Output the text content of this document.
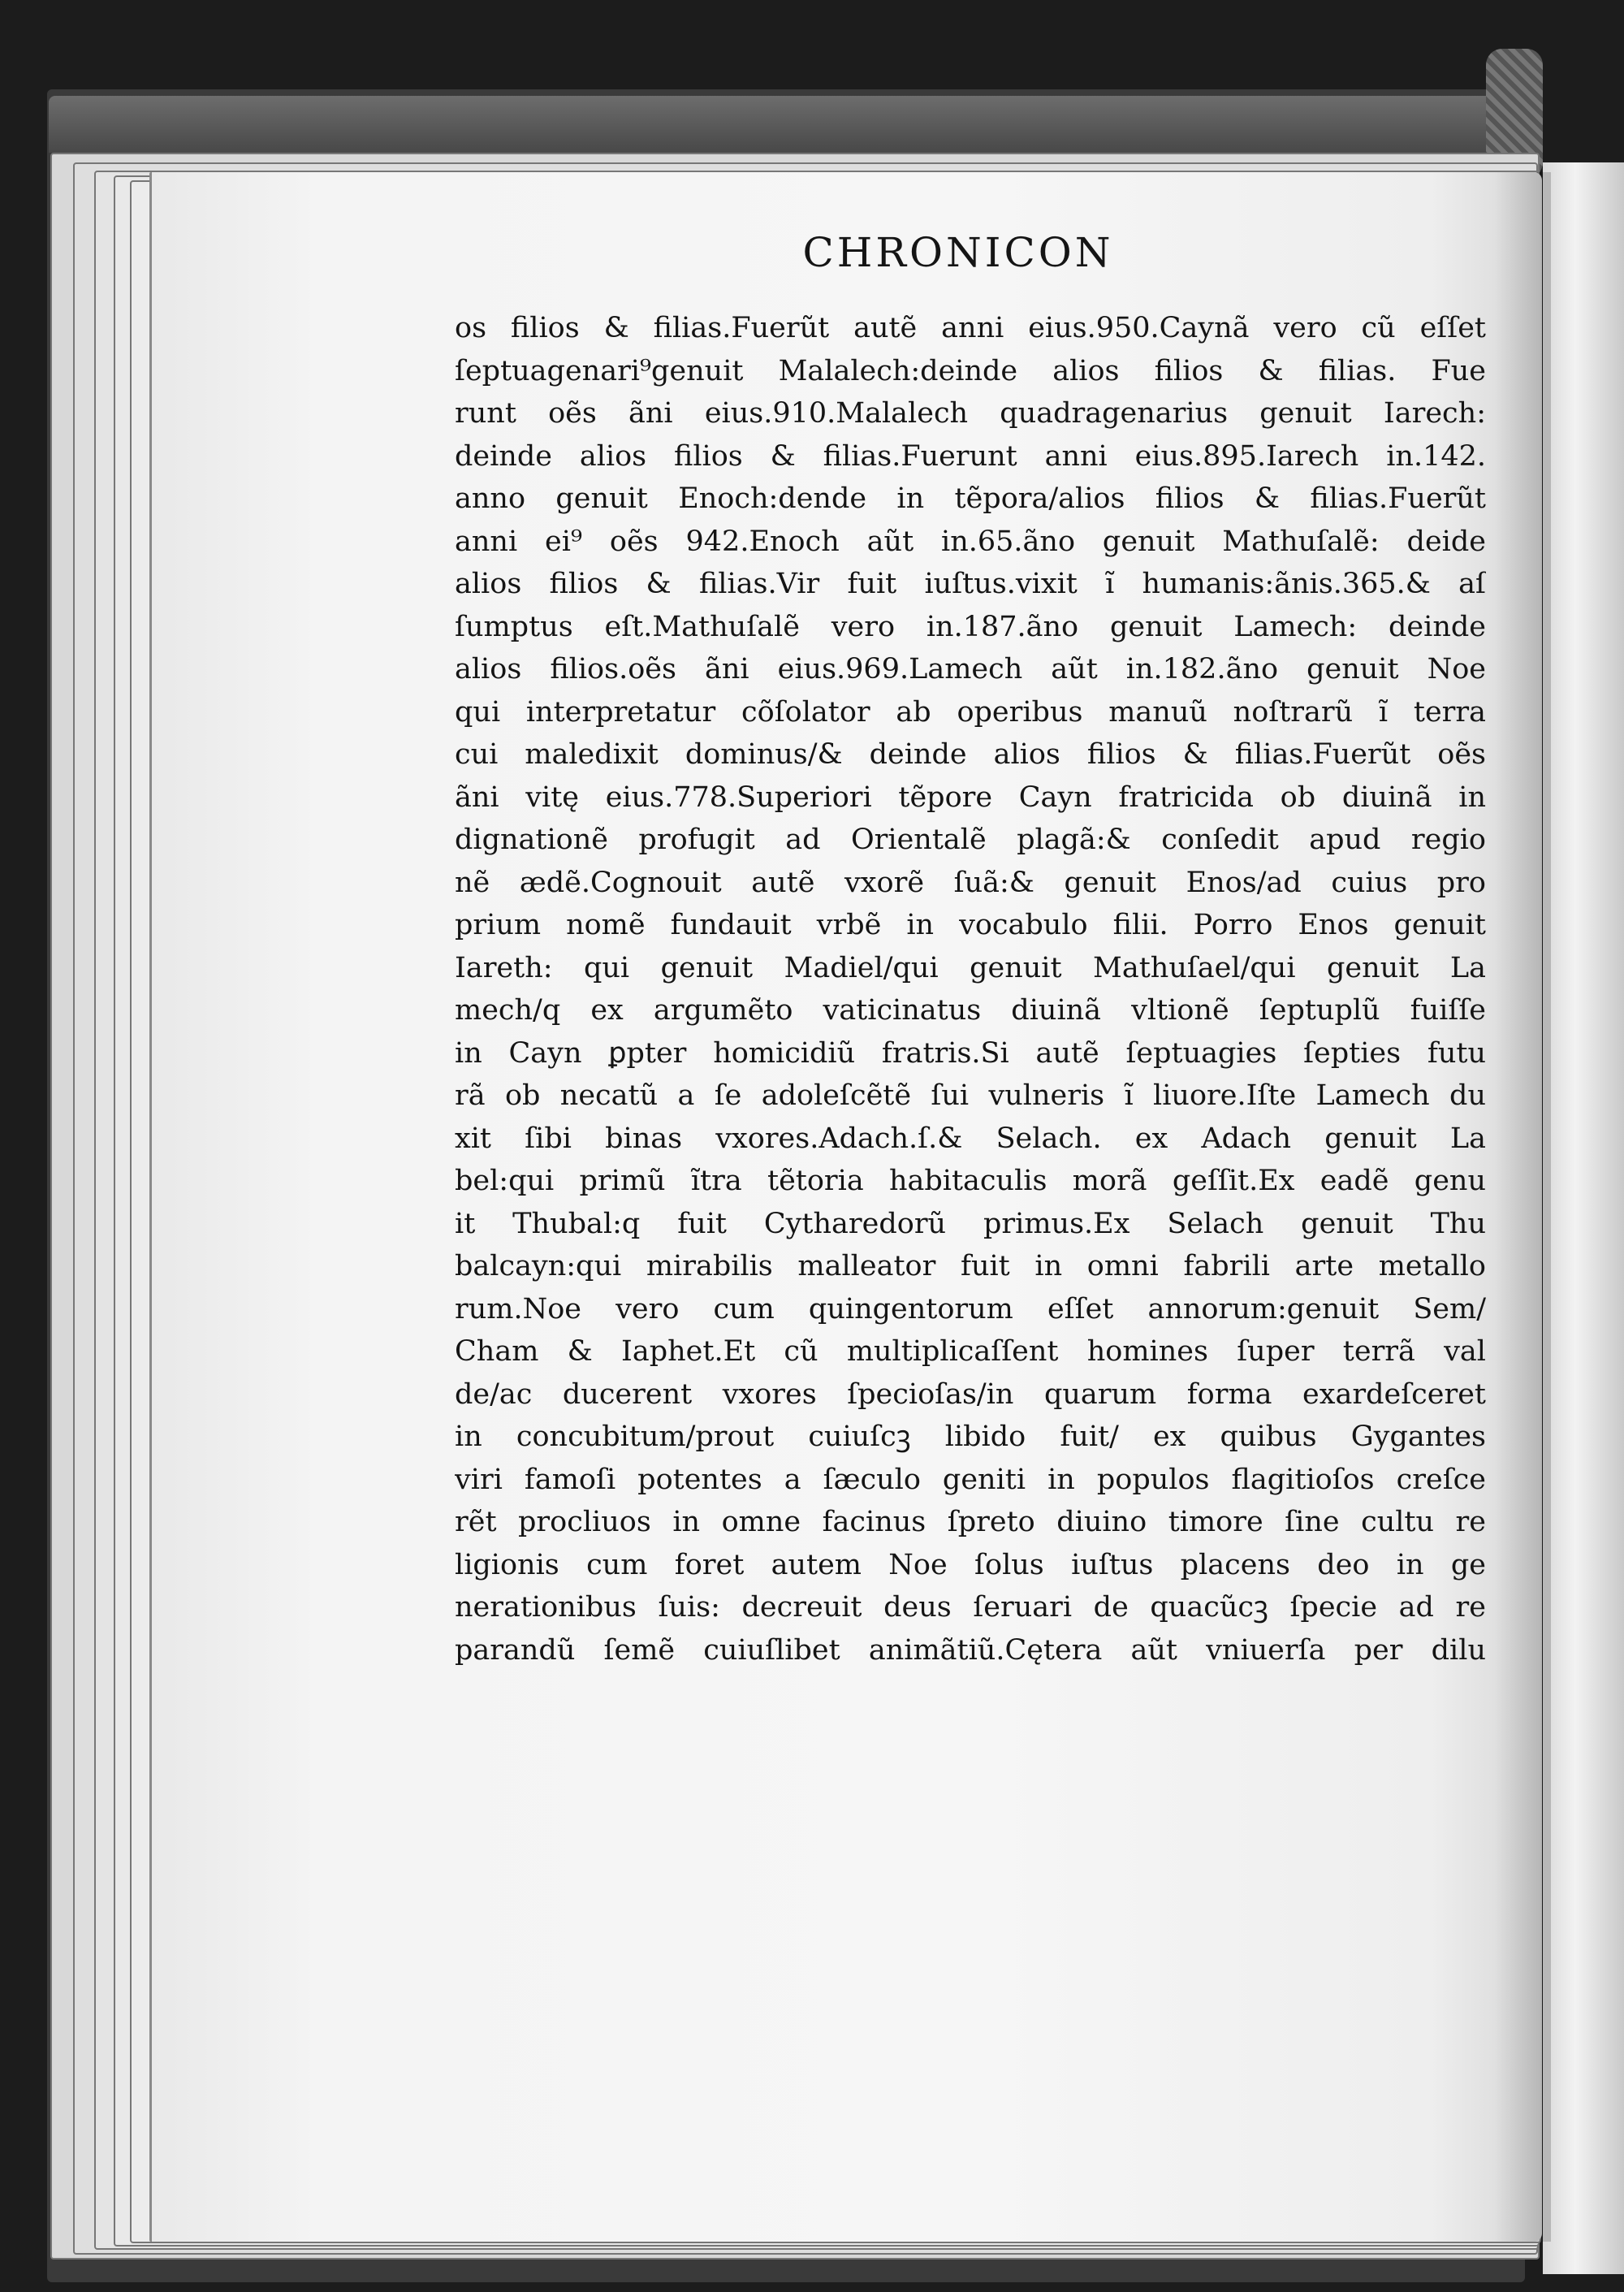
CHRONICON
os filios & filias.Fuerũt autẽ anni eius.950.Caynã vero cũ eſſet
ſeptuagenari⁹genuit Malalech:deinde alios filios & filias. Fue
runt oẽs ãni eius.910.Malalech quadragenarius genuit Iarech:
deinde alios filios & filias.Fuerunt anni eius.895.Iarech in.142.
anno genuit Enoch:dende in tẽpora/alios filios & filias.Fuerũt
anni ei⁹ oẽs 942.Enoch aũt in.65.ãno genuit Mathuſalẽ: deide
alios filios & filias.Vir fuit iuſtus.vixit ĩ humanis:ãnis.365.& aſ
ſumptus eſt.Mathuſalẽ vero in.187.ãno genuit Lamech: deinde
alios filios.oẽs ãni eius.969.Lamech aũt in.182.ãno genuit Noe
qui interpretatur cõſolator ab operibus manuũ noſtrarũ ĩ terra
cui maledixit dominus/& deinde alios filios & filias.Fuerũt oẽs
ãni vitę eius.778.Superiori tẽpore Cayn fratricida ob diuinã in
dignationẽ profugit ad Orientalẽ plagã:& conſedit apud regio
nẽ ædẽ.Cognouit autẽ vxorẽ ſuã:& genuit Enos/ad cuius pro
prium nomẽ fundauit vrbẽ in vocabulo filii. Porro Enos genuit
Iareth: qui genuit Madiel/qui genuit Mathuſael/qui genuit La
mech/q ex argumẽto vaticinatus diuinã vltionẽ ſeptuplũ fuiſſe
in Cayn ꝑpter homicidiũ fratris.Si autẽ ſeptuagies ſepties futu
rã ob necatũ a ſe adoleſcẽtẽ ſui vulneris ĩ liuore.Iſte Lamech du
xit ſibi binas vxores.Adach.ſ.& Selach. ex Adach genuit La
bel:qui primũ ĩtra tẽtoria habitaculis morã geſſit.Ex eadẽ genu
it Thubal:q fuit Cytharedorũ primus.Ex Selach genuit Thu
balcayn:qui mirabilis malleator fuit in omni fabrili arte metallo
rum.Noe vero cum quingentorum eſſet annorum:genuit Sem/
Cham & Iaphet.Et cũ multiplicaſſent homines ſuper terrã val
de/ac ducerent vxores ſpecioſas/in quarum forma exardeſceret
in concubitum/prout cuiuſcꝫ libido fuit/ ex quibus Gygantes
viri famoſi potentes a ſæculo geniti in populos flagitioſos creſce
rẽt procliuos in omne facinus ſpreto diuino timore ſine cultu re
ligionis cum foret autem Noe ſolus iuſtus placens deo in ge
nerationibus ſuis: decreuit deus ſeruari de quacũcꝫ ſpecie ad re
parandũ ſemẽ cuiuſlibet animãtiũ.Cętera aũt vniuerſa per dilu
